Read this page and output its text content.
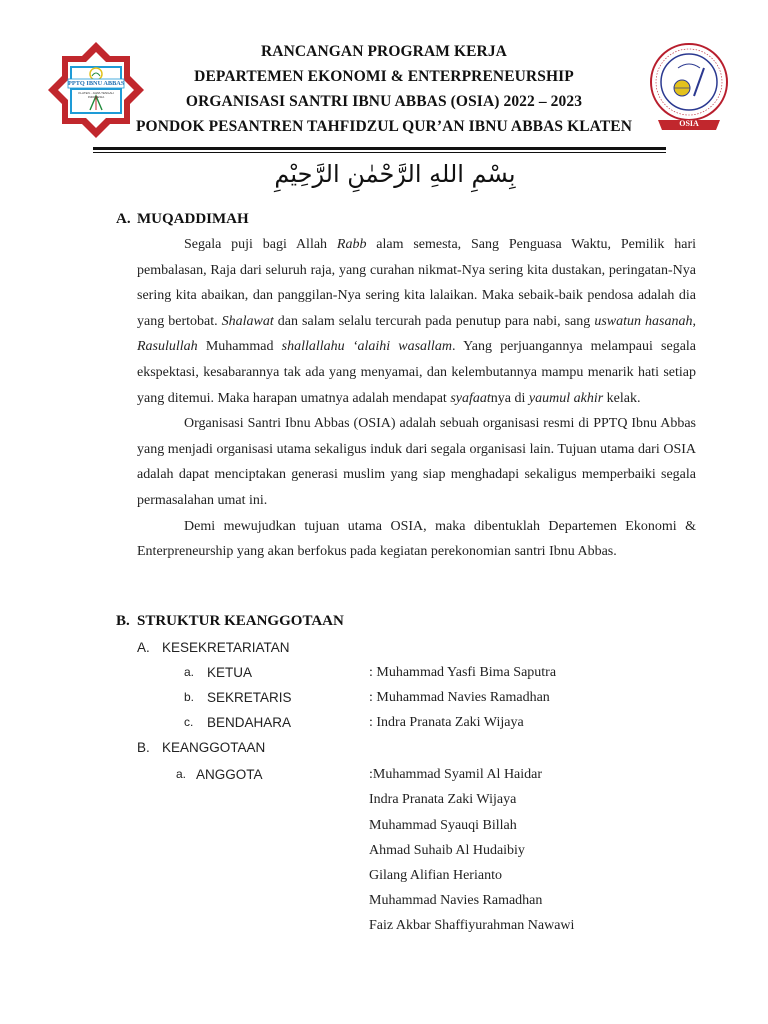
PPTQ IBNU ABBAS
KLATEN - JAWA TENGAH
INDONESIA
OSIA
RANCANGAN PROGRAM KERJA
DEPARTEMEN EKONOMI & ENTERPRENEURSHIP
ORGANISASI SANTRI IBNU ABBAS (OSIA) 2022 – 2023
PONDOK PESANTREN TAHFIDZUL QUR’AN IBNU ABBAS KLATEN
بِسْمِ اللهِ الرَّحْمٰنِ الرَّحِيْمِ
A. MUQADDIMAH

Segala puji bagi Allah Rabb alam semesta, Sang Penguasa Waktu, Pemilik hari pembalasan, Raja dari seluruh raja, yang curahan nikmat-Nya sering kita dustakan, peringatan-Nya sering kita abaikan, dan panggilan-Nya sering kita lalaikan. Maka sebaik-baik pendosa adalah dia yang bertobat. Shalawat dan salam selalu tercurah pada penutup para nabi, sang uswatun hasanah, Rasulullah Muhammad shallallahu ‘alaihi wasallam. Yang perjuangannya melampaui segala ekspektasi, kesabarannya tak ada yang menyamai, dan kelembutannya mampu menarik hati setiap yang ditemui. Maka harapan umatnya adalah mendapat syafaatnya di yaumul akhir kelak.

Organisasi Santri Ibnu Abbas (OSIA) adalah sebuah organisasi resmi di PPTQ Ibnu Abbas yang menjadi organisasi utama sekaligus induk dari segala organisasi lain. Tujuan utama dari OSIA adalah dapat menciptakan generasi muslim yang siap menghadapi sekaligus memperbaiki segala permasalahan umat ini.

Demi mewujudkan tujuan utama OSIA, maka dibentuklah Departemen Ekonomi & Enterpreneurship yang akan berfokus pada kegiatan perekonomian santri Ibnu Abbas.

B. STRUKTUR KEANGGOTAAN
A. KESEKRETARIATAN
a. KETUA	: Muhammad Yasfi Bima Saputra
b. SEKRETARIS	: Muhammad Navies Ramadhan
c. BENDAHARA	: Indra Pranata Zaki Wijaya
B. KEANGGOTAAN
a. ANGGOTA	:Muhammad Syamil Al Haidar
Indra Pranata Zaki Wijaya
Muhammad Syauqi Billah
Ahmad Suhaib Al Hudaibiy
Gilang Alifian Herianto
Muhammad Navies Ramadhan
Faiz Akbar Shaffiyurahman Nawawi
